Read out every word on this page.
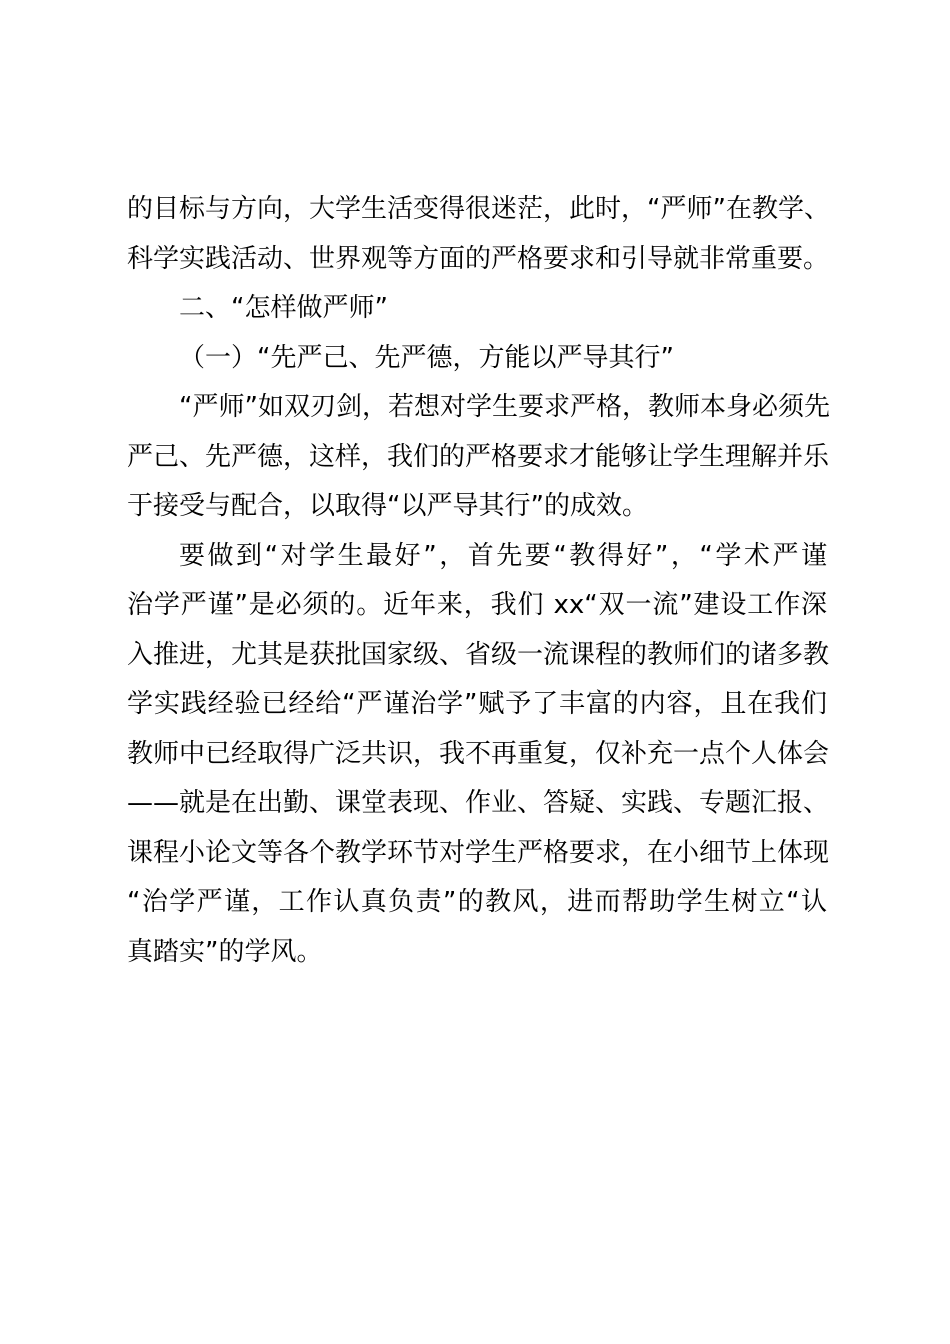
的目标与方向，大学生活变得很迷茫，此时，“严师”在教学、
科学实践活动、世界观等方面的严格要求和引导就非常重要。
二、“怎样做严师”
（一）“先严己、先严德，方能以严导其行”
“严师”如双刃剑，若想对学生要求严格，教师本身必须先
严己、先严德，这样，我们的严格要求才能够让学生理解并乐
于接受与配合，以取得“以严导其行”的成效。
要做到“对学生最好”，首先要“教得好”，“学术严谨
治学严谨”是必须的。近年来，我们 xx“双一流”建设工作深
入推进，尤其是获批国家级、省级一流课程的教师们的诸多教
学实践经验已经给“严谨治学”赋予了丰富的内容，且在我们
教师中已经取得广泛共识，我不再重复，仅补充一点个人体会
——就是在出勤、课堂表现、作业、答疑、实践、专题汇报、
课程小论文等各个教学环节对学生严格要求，在小细节上体现
“治学严谨，工作认真负责”的教风，进而帮助学生树立“认
真踏实”的学风。
